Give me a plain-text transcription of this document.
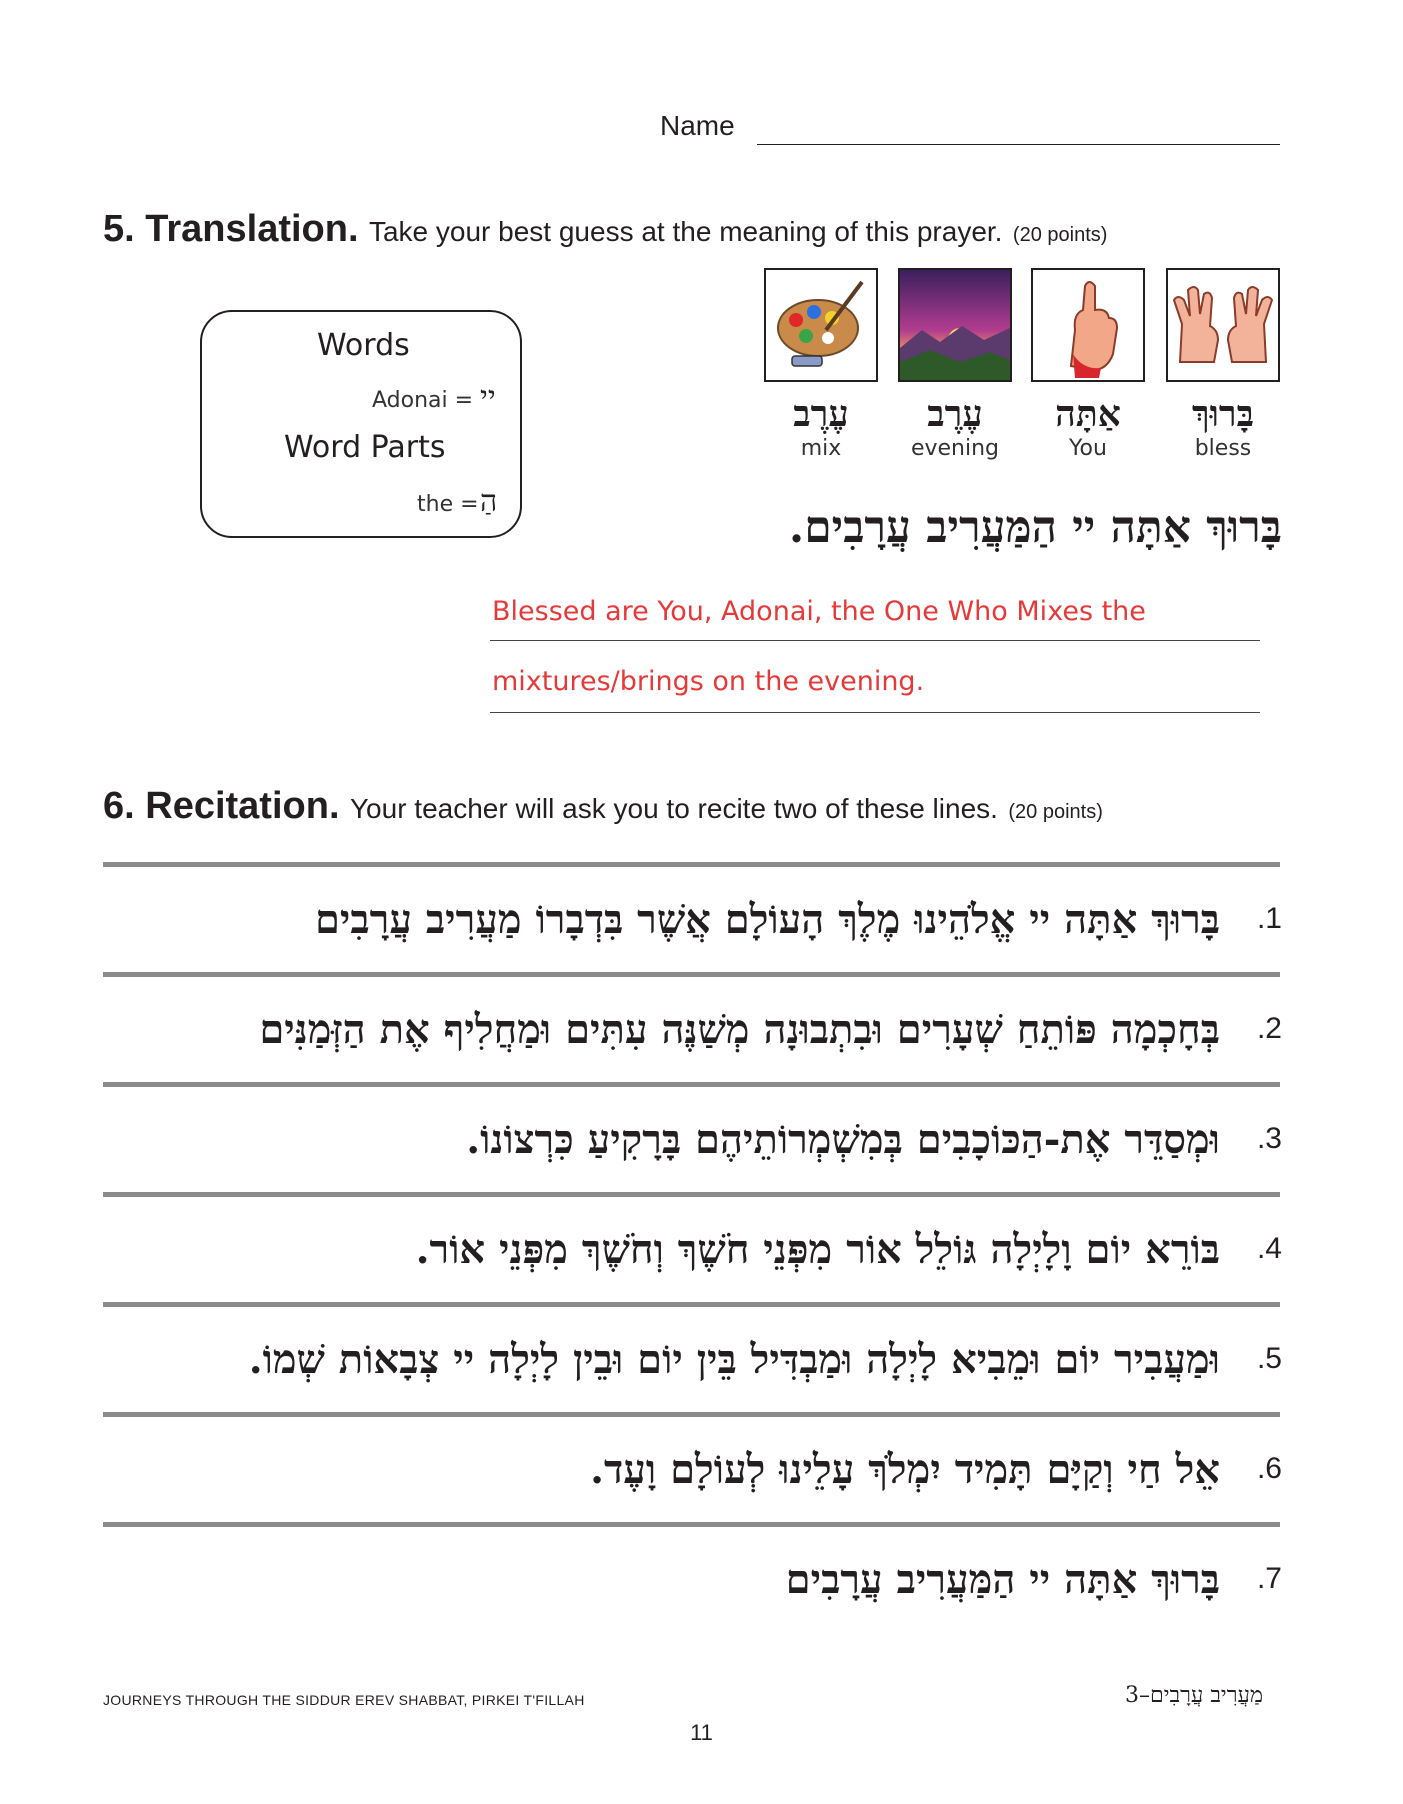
Name
5. Translation. Take your best guess at the meaning of this prayer. (20 points)
Words
Adonai = יי
Word Parts
the = הַ
עֶרֶב
mix
עֶרֶב
evening
אַתָּה
You
בָּרוּךְ
bless
בָּרוּךְ אַתָּה יי הַמַּעֲרִיב עֲרָבִים.
Blessed are You, Adonai, the One Who Mixes the
mixtures/brings on the evening.
6. Recitation. Your teacher will ask you to recite two of these lines. (20 points)
בָּרוּךְ אַתָּה יי אֱלֹהֵינוּ מֶלֶךְ הָעוֹלָם אֲשֶׁר בִּדְבָרוֹ מַעֲרִיב עֲרָבִים	.1
בְּחָכְמָה פּוֹתֵחַ שְׁעָרִים וּבִתְבוּנָה מְשַׁנֶּה עִתִּים וּמַחֲלִיף אֶת הַזְּמַנִּים	.2
וּמְסַדֵּר אֶת-הַכּוֹכָבִים בְּמִשְׁמְרוֹתֵיהֶם בָּרָקִיעַ כִּרְצוֹנוֹ.	.3
בּוֹרֵא יוֹם וָלָיְלָה גּוֹלֵל אוֹר מִפְּנֵי חֹשֶׁךְ וְחֹשֶׁךְ מִפְּנֵי אוֹר.	.4
וּמַעֲבִיר יוֹם וּמֵבִיא לָיְלָה וּמַבְדִּיל בֵּין יוֹם וּבֵין לָיְלָה יי צְבָאוֹת שְׁמוֹ.	.5
אֵל חַי וְקַיָּם תָּמִיד יִמְלֹךְ עָלֵינוּ לְעוֹלָם וָעֶד.	.6
בָּרוּךְ אַתָּה יי הַמַּעֲרִיב עֲרָבִים	.7
JOURNEYS THROUGH THE SIDDUR EREV SHABBAT, PIRKEI T'FILLAH	מַעֲרִיב עֲרָבִים–3
11
